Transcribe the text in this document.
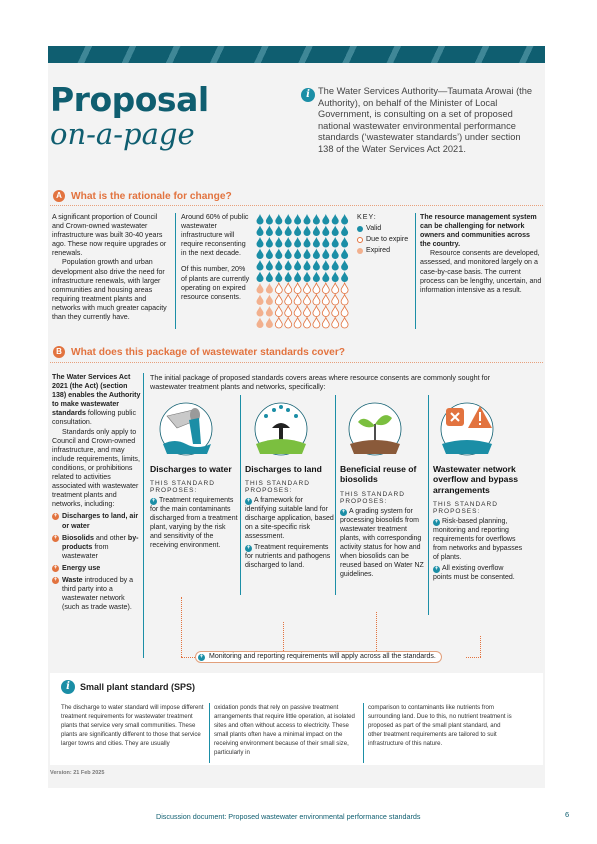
Proposal
on-a-page
i The Water Services Authority—Taumata Arowai (the Authority), on behalf of the Minister of Local Government, is consulting on a set of proposed national wastewater environmental performance standards (‘wastewater standards’) under section 138 of the Water Services Act 2021.
A What is the rationale for change?

A significant proportion of Council and Crown-owned wastewater infrastructure was built 30-40 years ago. These now require upgrades or renewals.

Population growth and urban development also drive the need for infrastructure renewals, with larger communities and housing areas requiring treatment plants and networks with much greater capacity than they currently have.

Around 60% of public wastewater infrastructure will require reconsenting in the next decade.

Of this number, 20% of plants are currently operating on expired resource consents.

KEY:
Valid
Due to expire
Expired

The resource management system can be challenging for network owners and communities across the country.

Resource consents are developed, assessed, and monitored largely on a case-by-case basis. The current process can be lengthy, uncertain, and information intensive as a result.

B What does this package of wastewater standards cover?

The Water Services Act 2021 (the Act) (section 138) enables the Authority to make wastewater standards following public consultation.

Standards only apply to Council and Crown-owned infrastructure, and may include requirements, limits, conditions, or prohibitions related to activities associated with wastewater treatment plants and networks, including:

+ Discharges to land, air or water
+ Biosolids and other by-products from wastewater
+ Energy use
+ Waste introduced by a third party into a wastewater network (such as trade waste).
The initial package of proposed standards covers areas where resource consents are commonly sought for wastewater treatment plants and networks, specifically:
Discharges to water
THIS STANDARD PROPOSES:
+ Treatment requirements for the main contaminants discharged from a treatment plant, varying by the risk and sensitivity of the receiving environment.
Discharges to land
THIS STANDARD PROPOSES:
+ A framework for identifying suitable land for discharge application, based on a site-specific risk assessment.
+ Treatment requirements for nutrients and pathogens discharged to land.
Beneficial reuse of biosolids
THIS STANDARD PROPOSES:
+ A grading system for processing biosolids from wastewater treatment plants, with corresponding activity status for how and when biosolids can be reused based on Water NZ guidelines.
Wastewater network overflow and bypass arrangements
THIS STANDARD PROPOSES:
+ Risk-based planning, monitoring and reporting requirements for overflows from networks and bypasses of plants.
+ All existing overflow points must be consented.
+ Monitoring and reporting requirements will apply across all the standards.
i	Small plant standard (SPS)
The discharge to water standard will impose different treatment requirements for wastewater treatment plants that service very small communities. These plants are significantly different to those that service larger towns and cities. They are usually
oxidation ponds that rely on passive treatment arrangements that require little operation, at isolated sites and often without access to electricity. These small plants often have a minimal impact on the receiving environment because of their small size, particularly in
comparison to contaminants like nutrients from surrounding land. Due to this, no nutrient treatment is proposed as part of the small plant standard, and other treatment requirements are tailored to suit infrastructure of this nature.
Version: 21 Feb 2025
Discussion document: Proposed wastewater environmental performance standards	6
